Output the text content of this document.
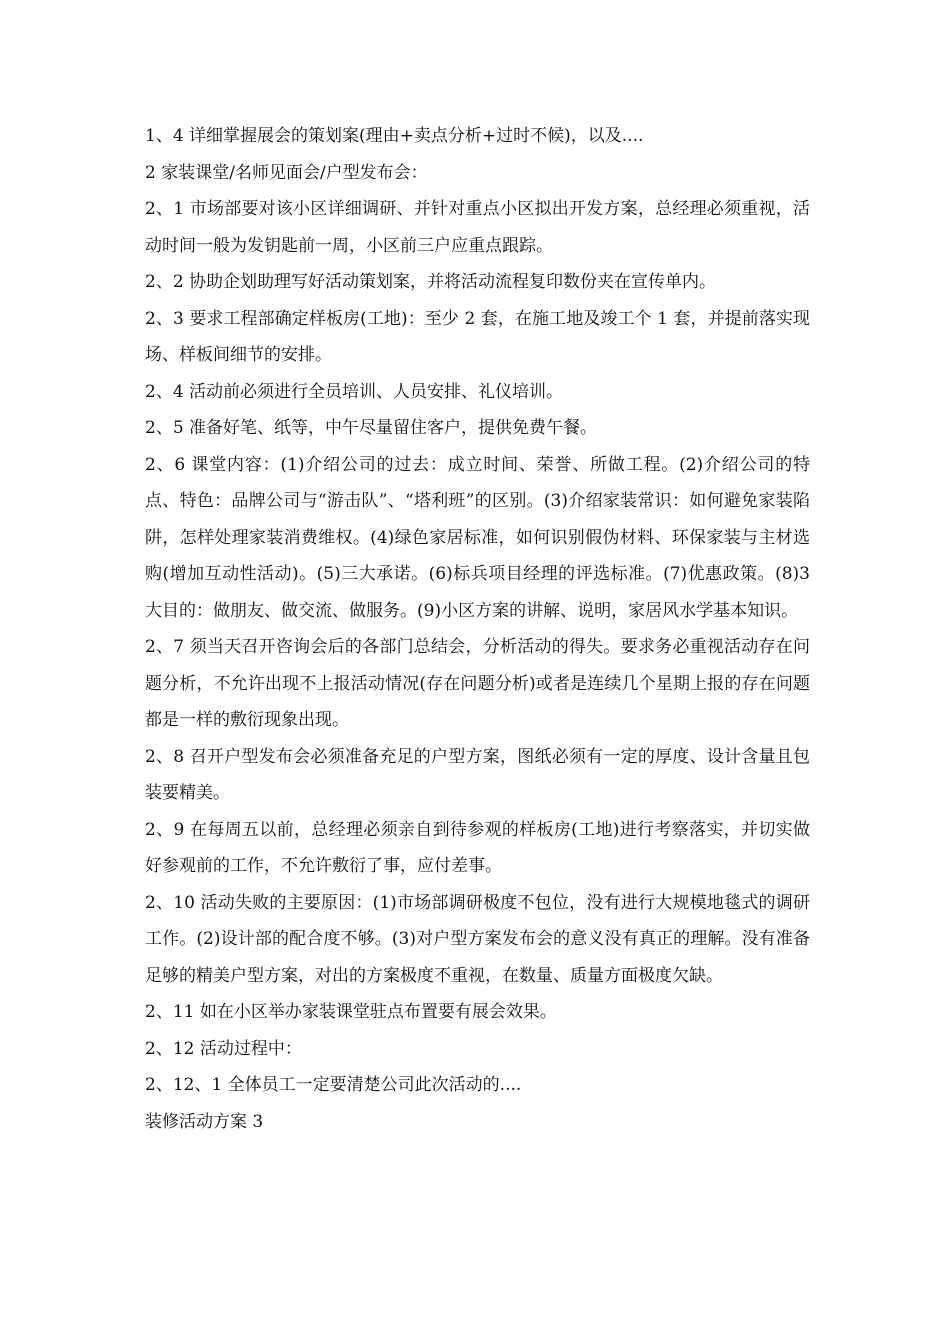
1、4 详细掌握展会的策划案(理由+卖点分析+过时不候)，以及....

2 家装课堂/名师见面会/户型发布会：

2、1 市场部要对该小区详细调研、并针对重点小区拟出开发方案，总经理必须重视，活动时间一般为发钥匙前一周，小区前三户应重点跟踪。

2、2 协助企划助理写好活动策划案，并将活动流程复印数份夹在宣传单内。

2、3 要求工程部确定样板房(工地)：至少 2 套，在施工地及竣工个 1 套，并提前落实现场、样板间细节的安排。

2、4 活动前必须进行全员培训、人员安排、礼仪培训。

2、5 准备好笔、纸等，中午尽量留住客户，提供免费午餐。

2、6 课堂内容：(1)介绍公司的过去：成立时间、荣誉、所做工程。(2)介绍公司的特点、特色：品牌公司与“游击队”、“塔利班”的区别。(3)介绍家装常识：如何避免家装陷阱，怎样处理家装消费维权。(4)绿色家居标准，如何识别假伪材料、环保家装与主材选购(增加互动性活动)。(5)三大承诺。(6)标兵项目经理的评选标准。(7)优惠政策。(8)3 大目的：做朋友、做交流、做服务。(9)小区方案的讲解、说明，家居风水学基本知识。

2、7 须当天召开咨询会后的各部门总结会，分析活动的得失。要求务必重视活动存在问题分析，不允许出现不上报活动情况(存在问题分析)或者是连续几个星期上报的存在问题都是一样的敷衍现象出现。

2、8 召开户型发布会必须准备充足的户型方案，图纸必须有一定的厚度、设计含量且包装要精美。

2、9 在每周五以前，总经理必须亲自到待参观的样板房(工地)进行考察落实，并切实做好参观前的工作，不允许敷衍了事，应付差事。

2、10 活动失败的主要原因：(1)市场部调研极度不包位，没有进行大规模地毯式的调研工作。(2)设计部的配合度不够。(3)对户型方案发布会的意义没有真正的理解。没有准备足够的精美户型方案，对出的方案极度不重视，在数量、质量方面极度欠缺。

2、11 如在小区举办家装课堂驻点布置要有展会效果。

2、12 活动过程中：

2、12、1 全体员工一定要清楚公司此次活动的....

装修活动方案 3
